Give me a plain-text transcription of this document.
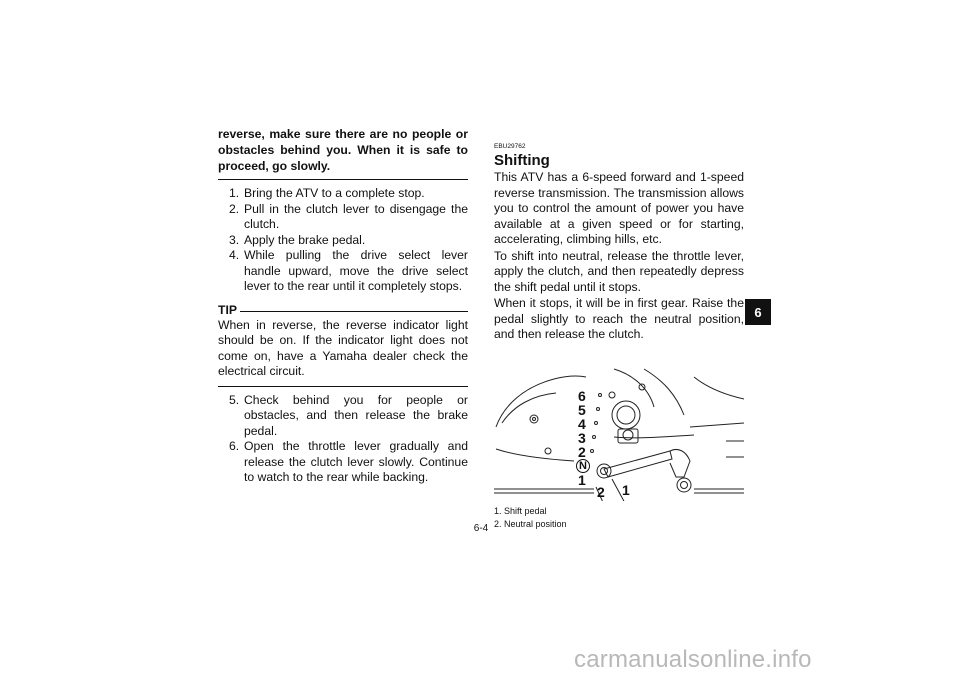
reverse, make sure there are no people or obstacles behind you. When it is safe to proceed, go slowly.
1. Bring the ATV to a complete stop.
2. Pull in the clutch lever to disengage the clutch.
3. Apply the brake pedal.
4. While pulling the drive select lever handle upward, move the drive select lever to the rear until it completely stops.
TIP
When in reverse, the reverse indicator light should be on. If the indicator light does not come on, have a Yamaha dealer check the electrical circuit.
5. Check behind you for people or obstacles, and then release the brake pedal.
6. Open the throttle lever gradually and release the clutch lever slowly. Continue to watch to the rear while backing.
EBU29762
Shifting
This ATV has a 6-speed forward and 1-speed reverse transmission. The transmission allows you to control the amount of power you have available at a given speed or for starting, accelerating, climbing hills, etc.
To shift into neutral, release the throttle lever, apply the clutch, and then repeatedly depress the shift pedal until it stops.
When it stops, it will be in first gear. Raise the pedal slightly to reach the neutral position, and then release the clutch.
6
5
4
3
2
N
1
2 1
1. Shift pedal
2. Neutral position
6-4
6
carmanualsonline.info
